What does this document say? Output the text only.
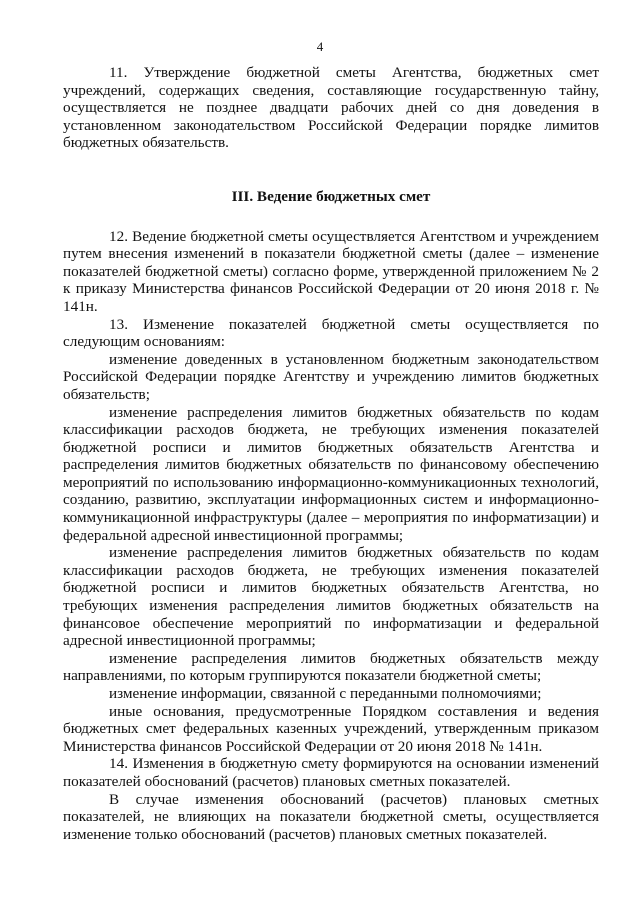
4

11. Утверждение бюджетной сметы Агентства, бюджетных смет учреждений, содержащих сведения, составляющие государственную тайну, осуществляется не позднее двадцати рабочих дней со дня доведения в установленном законодательством Российской Федерации порядке лимитов бюджетных обязательств.

III. Ведение бюджетных смет

12. Ведение бюджетной сметы осуществляется Агентством и учреждением путем внесения изменений в показатели бюджетной сметы (далее – изменение показателей бюджетной сметы) согласно форме, утвержденной приложением № 2 к приказу Министерства финансов Российской Федерации от 20 июня 2018 г. № 141н.

13. Изменение показателей бюджетной сметы осуществляется по следующим основаниям:

изменение доведенных в установленном бюджетным законодательством Российской Федерации порядке Агентству и учреждению лимитов бюджетных обязательств;

изменение распределения лимитов бюджетных обязательств по кодам классификации расходов бюджета, не требующих изменения показателей бюджетной росписи и лимитов бюджетных обязательств Агентства и распределения лимитов бюджетных обязательств по финансовому обеспечению мероприятий по использованию информационно-коммуникационных технологий, созданию, развитию, эксплуатации информационных систем и информационно-коммуникационной инфраструктуры (далее – мероприятия по информатизации) и федеральной адресной инвестиционной программы;

изменение распределения лимитов бюджетных обязательств по кодам классификации расходов бюджета, не требующих изменения показателей бюджетной росписи и лимитов бюджетных обязательств Агентства, но требующих изменения распределения лимитов бюджетных обязательств на финансовое обеспечение мероприятий по информатизации и федеральной адресной инвестиционной программы;

изменение распределения лимитов бюджетных обязательств между направлениями, по которым группируются показатели бюджетной сметы;

изменение информации, связанной с переданными полномочиями;

иные основания, предусмотренные Порядком составления и ведения бюджетных смет федеральных казенных учреждений, утвержденным приказом Министерства финансов Российской Федерации от 20 июня 2018 № 141н.

14. Изменения в бюджетную смету формируются на основании изменений показателей обоснований (расчетов) плановых сметных показателей.

В случае изменения обоснований (расчетов) плановых сметных показателей, не влияющих на показатели бюджетной сметы, осуществляется изменение только обоснований (расчетов) плановых сметных показателей.
